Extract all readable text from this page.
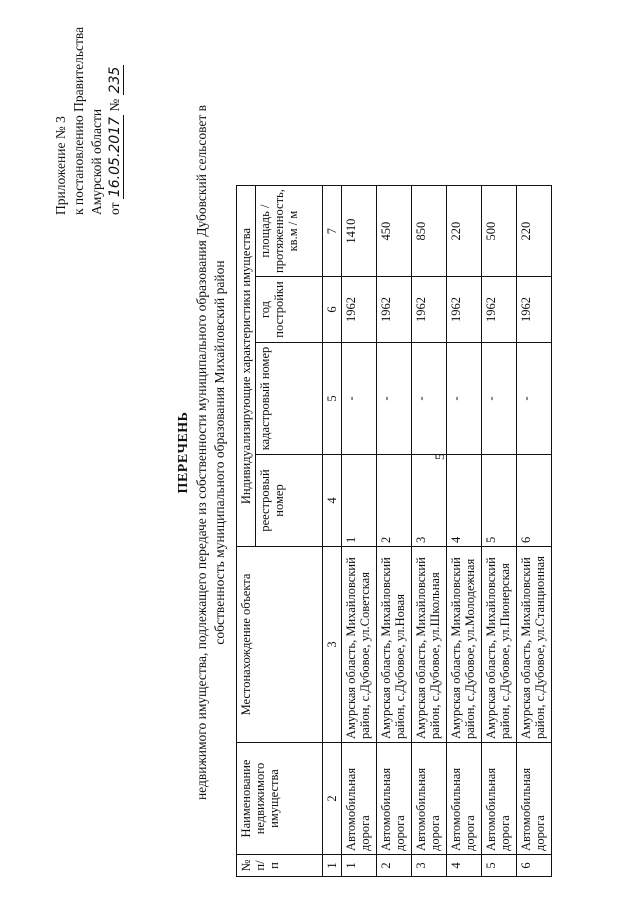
5
Приложение № 3 к постановлению Правительства Амурской области от 16.05.2017 № 235
ПЕРЕЧЕНЬ недвижимого имущества, подлежащего передаче из собственности муниципального образования Дубовский сельсовет в собственность муниципального образования Михайловский район
№ п/п	Наименование недвижимого имущества	Местонахождение объекта	Индивидуализирующие характеристики имущества			
			реестровый номер	кадастровый номер	год постройки	площадь / протяженность, кв.м / м
1	2	3	4	5	6	7
1	Автомобильная дорога	Амурская область, Михайловский район, с.Дубовое, ул.Советская	1	-	1962	1410
2	Автомобильная дорога	Амурская область, Михайловский район, с.Дубовое, ул.Новая	2	-	1962	450
3	Автомобильная дорога	Амурская область, Михайловский район, с.Дубовое, ул.Школьная	3	-	1962	850
4	Автомобильная дорога	Амурская область, Михайловский район, с.Дубовое, ул.Молодежная	4	-	1962	220
5	Автомобильная дорога	Амурская область, Михайловский район, с.Дубовое, ул.Пионерская	5	-	1962	500
6	Автомобильная дорога	Амурская область, Михайловский район, с.Дубовое, ул.Станционная	6	-	1962	220
